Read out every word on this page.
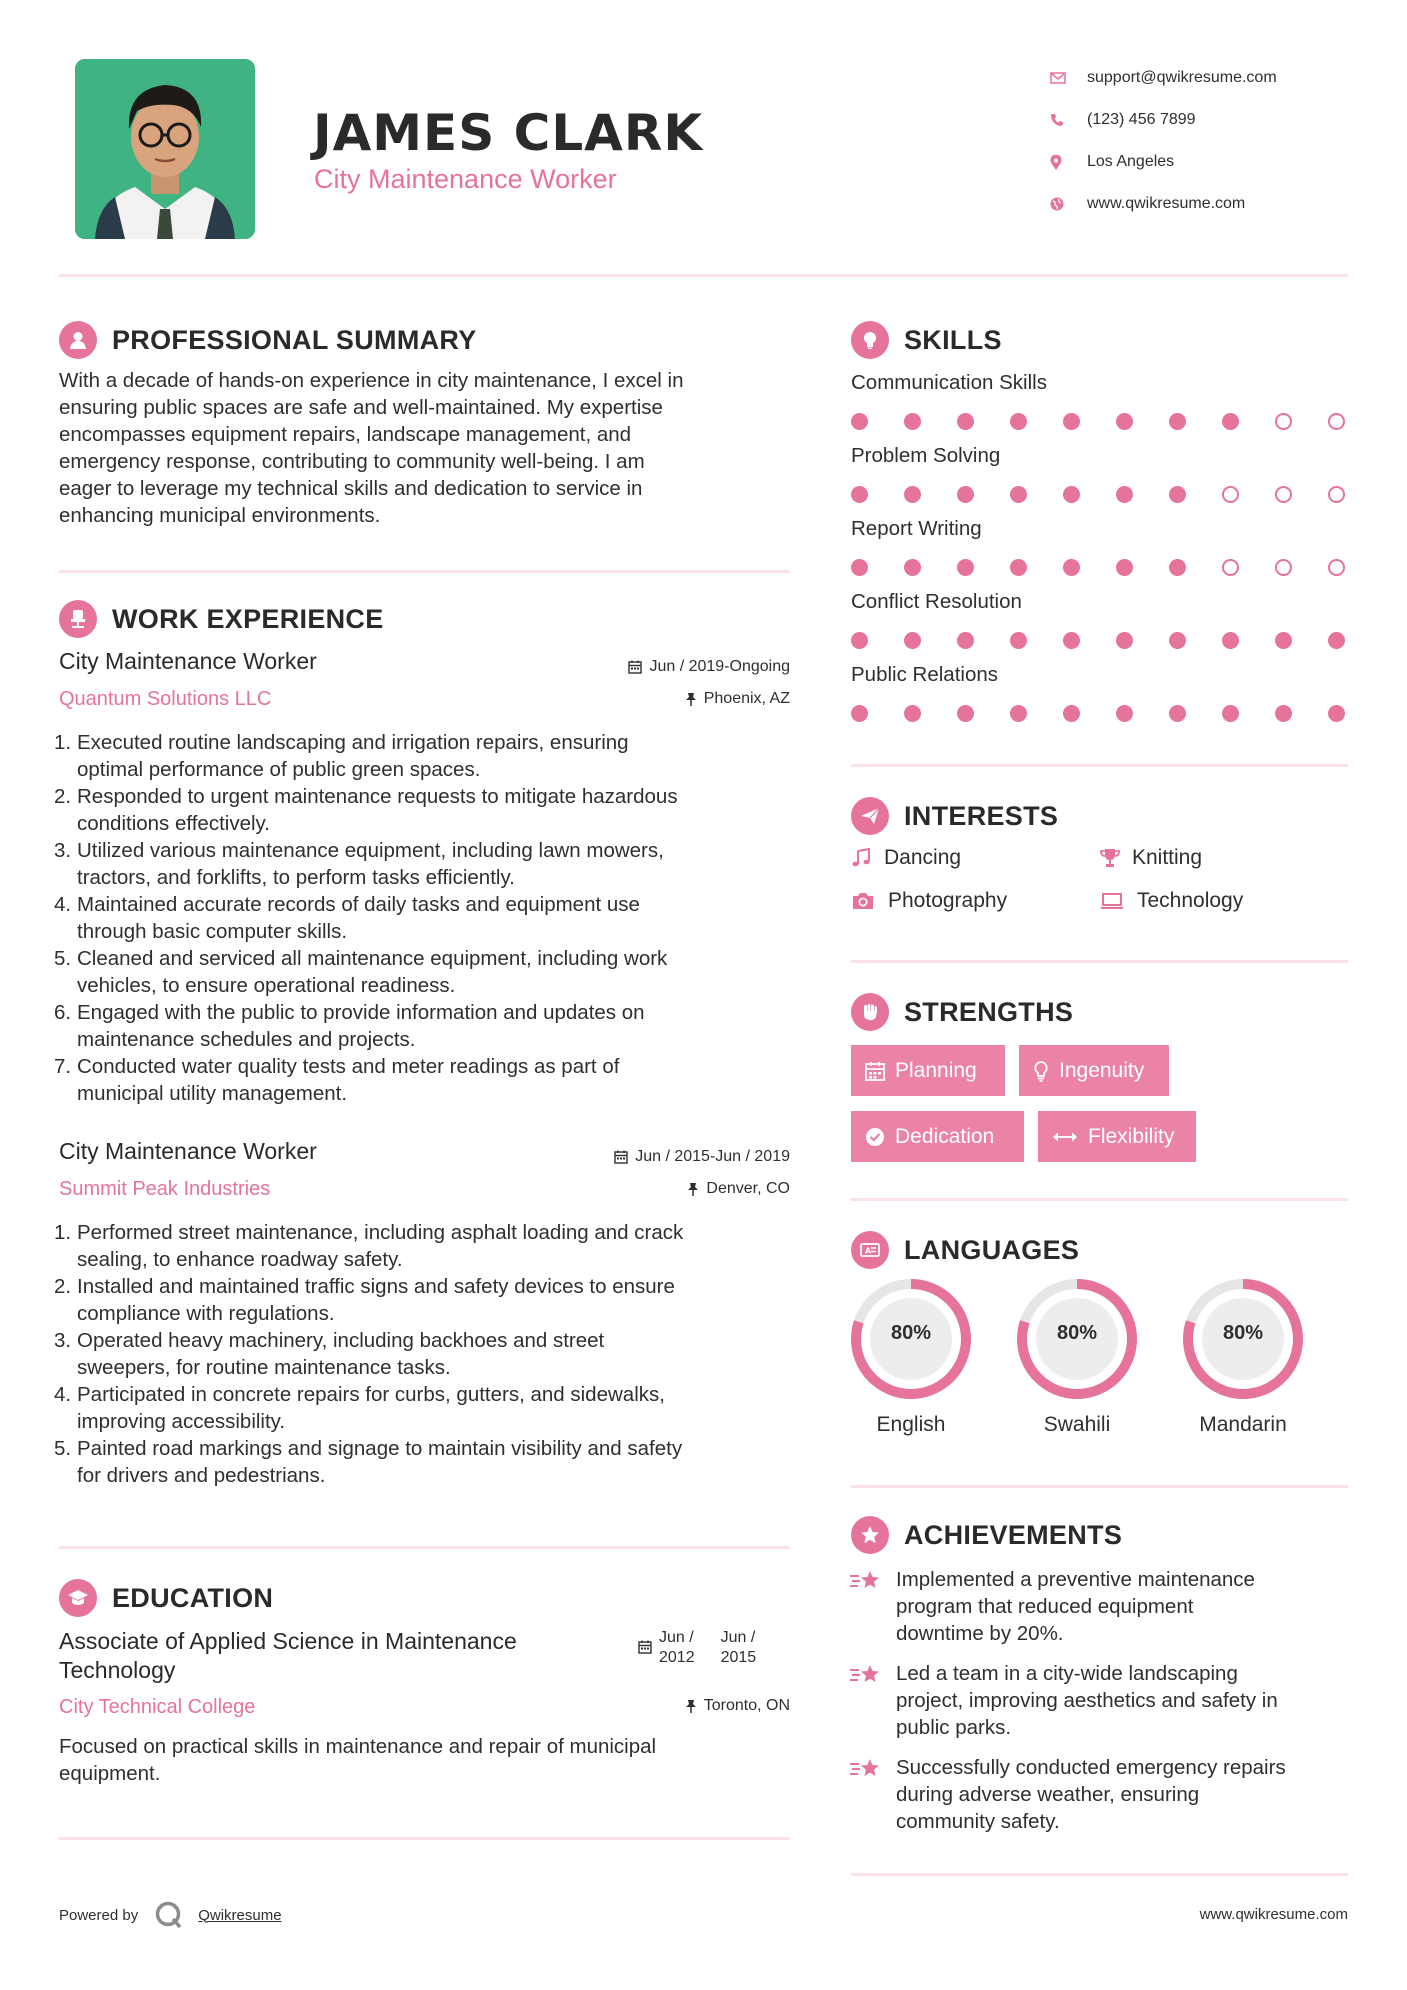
JAMES CLARK
City Maintenance Worker
support@qwikresume.com
(123) 456 7899
Los Angeles
www.qwikresume.com
PROFESSIONAL SUMMARY
With a decade of hands-on experience in city maintenance, I excel in
ensuring public spaces are safe and well-maintained. My expertise
encompasses equipment repairs, landscape management, and
emergency response, contributing to community well-being. I am
eager to leverage my technical skills and dedication to service in
enhancing municipal environments.
WORK EXPERIENCE
City Maintenance Worker
Quantum Solutions LLC
Jun / 2019-Ongoing
Phoenix, AZ
1. Executed routine landscaping and irrigation repairs, ensuring
optimal performance of public green spaces.
2. Responded to urgent maintenance requests to mitigate hazardous
conditions effectively.
3. Utilized various maintenance equipment, including lawn mowers,
tractors, and forklifts, to perform tasks efficiently.
4. Maintained accurate records of daily tasks and equipment use
through basic computer skills.
5. Cleaned and serviced all maintenance equipment, including work
vehicles, to ensure operational readiness.
6. Engaged with the public to provide information and updates on
maintenance schedules and projects.
7. Conducted water quality tests and meter readings as part of
municipal utility management.
City Maintenance Worker
Summit Peak Industries
Jun / 2015-Jun / 2019
Denver, CO
1. Performed street maintenance, including asphalt loading and crack
sealing, to enhance roadway safety.
2. Installed and maintained traffic signs and safety devices to ensure
compliance with regulations.
3. Operated heavy machinery, including backhoes and street
sweepers, for routine maintenance tasks.
4. Participated in concrete repairs for curbs, gutters, and sidewalks,
improving accessibility.
5. Painted road markings and signage to maintain visibility and safety
for drivers and pedestrians.
EDUCATION
Associate of Applied Science in Maintenance
Technology
Jun /
2012
Jun /
2015
City Technical College	Toronto, ON
Focused on practical skills in maintenance and repair of municipal
equipment.
SKILLS
Communication Skills
Problem Solving
Report Writing
Conflict Resolution
Public Relations
INTERESTS
Dancing	Knitting
Photography	Technology
STRENGTHS
Planning	Ingenuity
Dedication	Flexibility
A LANGUAGES
80%
English
80%
Swahili
80%
Mandarin
ACHIEVEMENTS
Implemented a preventive maintenance
program that reduced equipment
downtime by 20%.
Led a team in a city-wide landscaping
project, improving aesthetics and safety in
public parks.
Successfully conducted emergency repairs
during adverse weather, ensuring
community safety.
Powered by	Qwikresume	www.qwikresume.com
